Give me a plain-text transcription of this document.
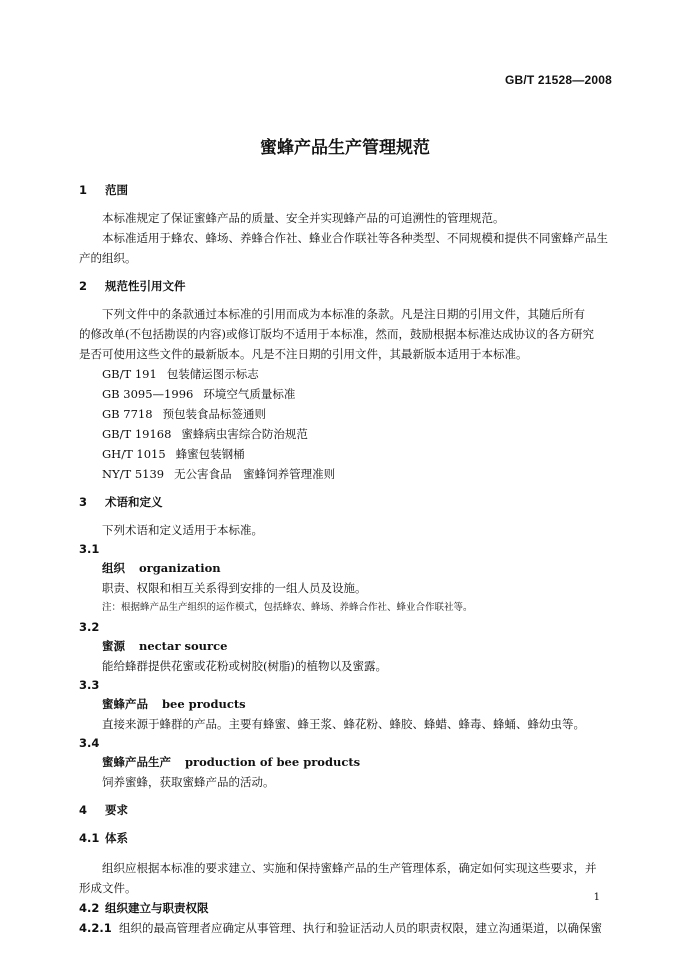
GB/T 21528—2008
蜜蜂产品生产管理规范
1 范围
本标准规定了保证蜜蜂产品的质量、安全并实现蜂产品的可追溯性的管理规范。
本标准适用于蜂农、蜂场、养蜂合作社、蜂业合作联社等各种类型、不同规模和提供不同蜜蜂产品生
产的组织。
2 规范性引用文件
下列文件中的条款通过本标准的引用而成为本标准的条款。凡是注日期的引用文件，其随后所有
的修改单(不包括勘误的内容)或修订版均不适用于本标准，然而，鼓励根据本标准达成协议的各方研究
是否可使用这些文件的最新版本。凡是不注日期的引用文件，其最新版本适用于本标准。
GB/T 191 包装储运图示标志
GB 3095—1996 环境空气质量标准
GB 7718 预包装食品标签通则
GB/T 19168 蜜蜂病虫害综合防治规范
GH/T 1015 蜂蜜包装钢桶
NY/T 5139 无公害食品　蜜蜂饲养管理准则
3 术语和定义
下列术语和定义适用于本标准。
3.1
组织 organization
职责、权限和相互关系得到安排的一组人员及设施。
注：根据蜂产品生产组织的运作模式，包括蜂农、蜂场、养蜂合作社、蜂业合作联社等。
3.2
蜜源 nectar source
能给蜂群提供花蜜或花粉或树胶(树脂)的植物以及蜜露。
3.3
蜜蜂产品 bee products
直接来源于蜂群的产品。主要有蜂蜜、蜂王浆、蜂花粉、蜂胶、蜂蜡、蜂毒、蜂蛹、蜂幼虫等。
3.4
蜜蜂产品生产 production of bee products
饲养蜜蜂，获取蜜蜂产品的活动。
4 要求
4.1 体系
组织应根据本标准的要求建立、实施和保持蜜蜂产品的生产管理体系，确定如何实现这些要求，并
形成文件。
4.2 组织建立与职责权限
4.2.1 组织的最高管理者应确定从事管理、执行和验证活动人员的职责权限，建立沟通渠道，以确保蜜
1
